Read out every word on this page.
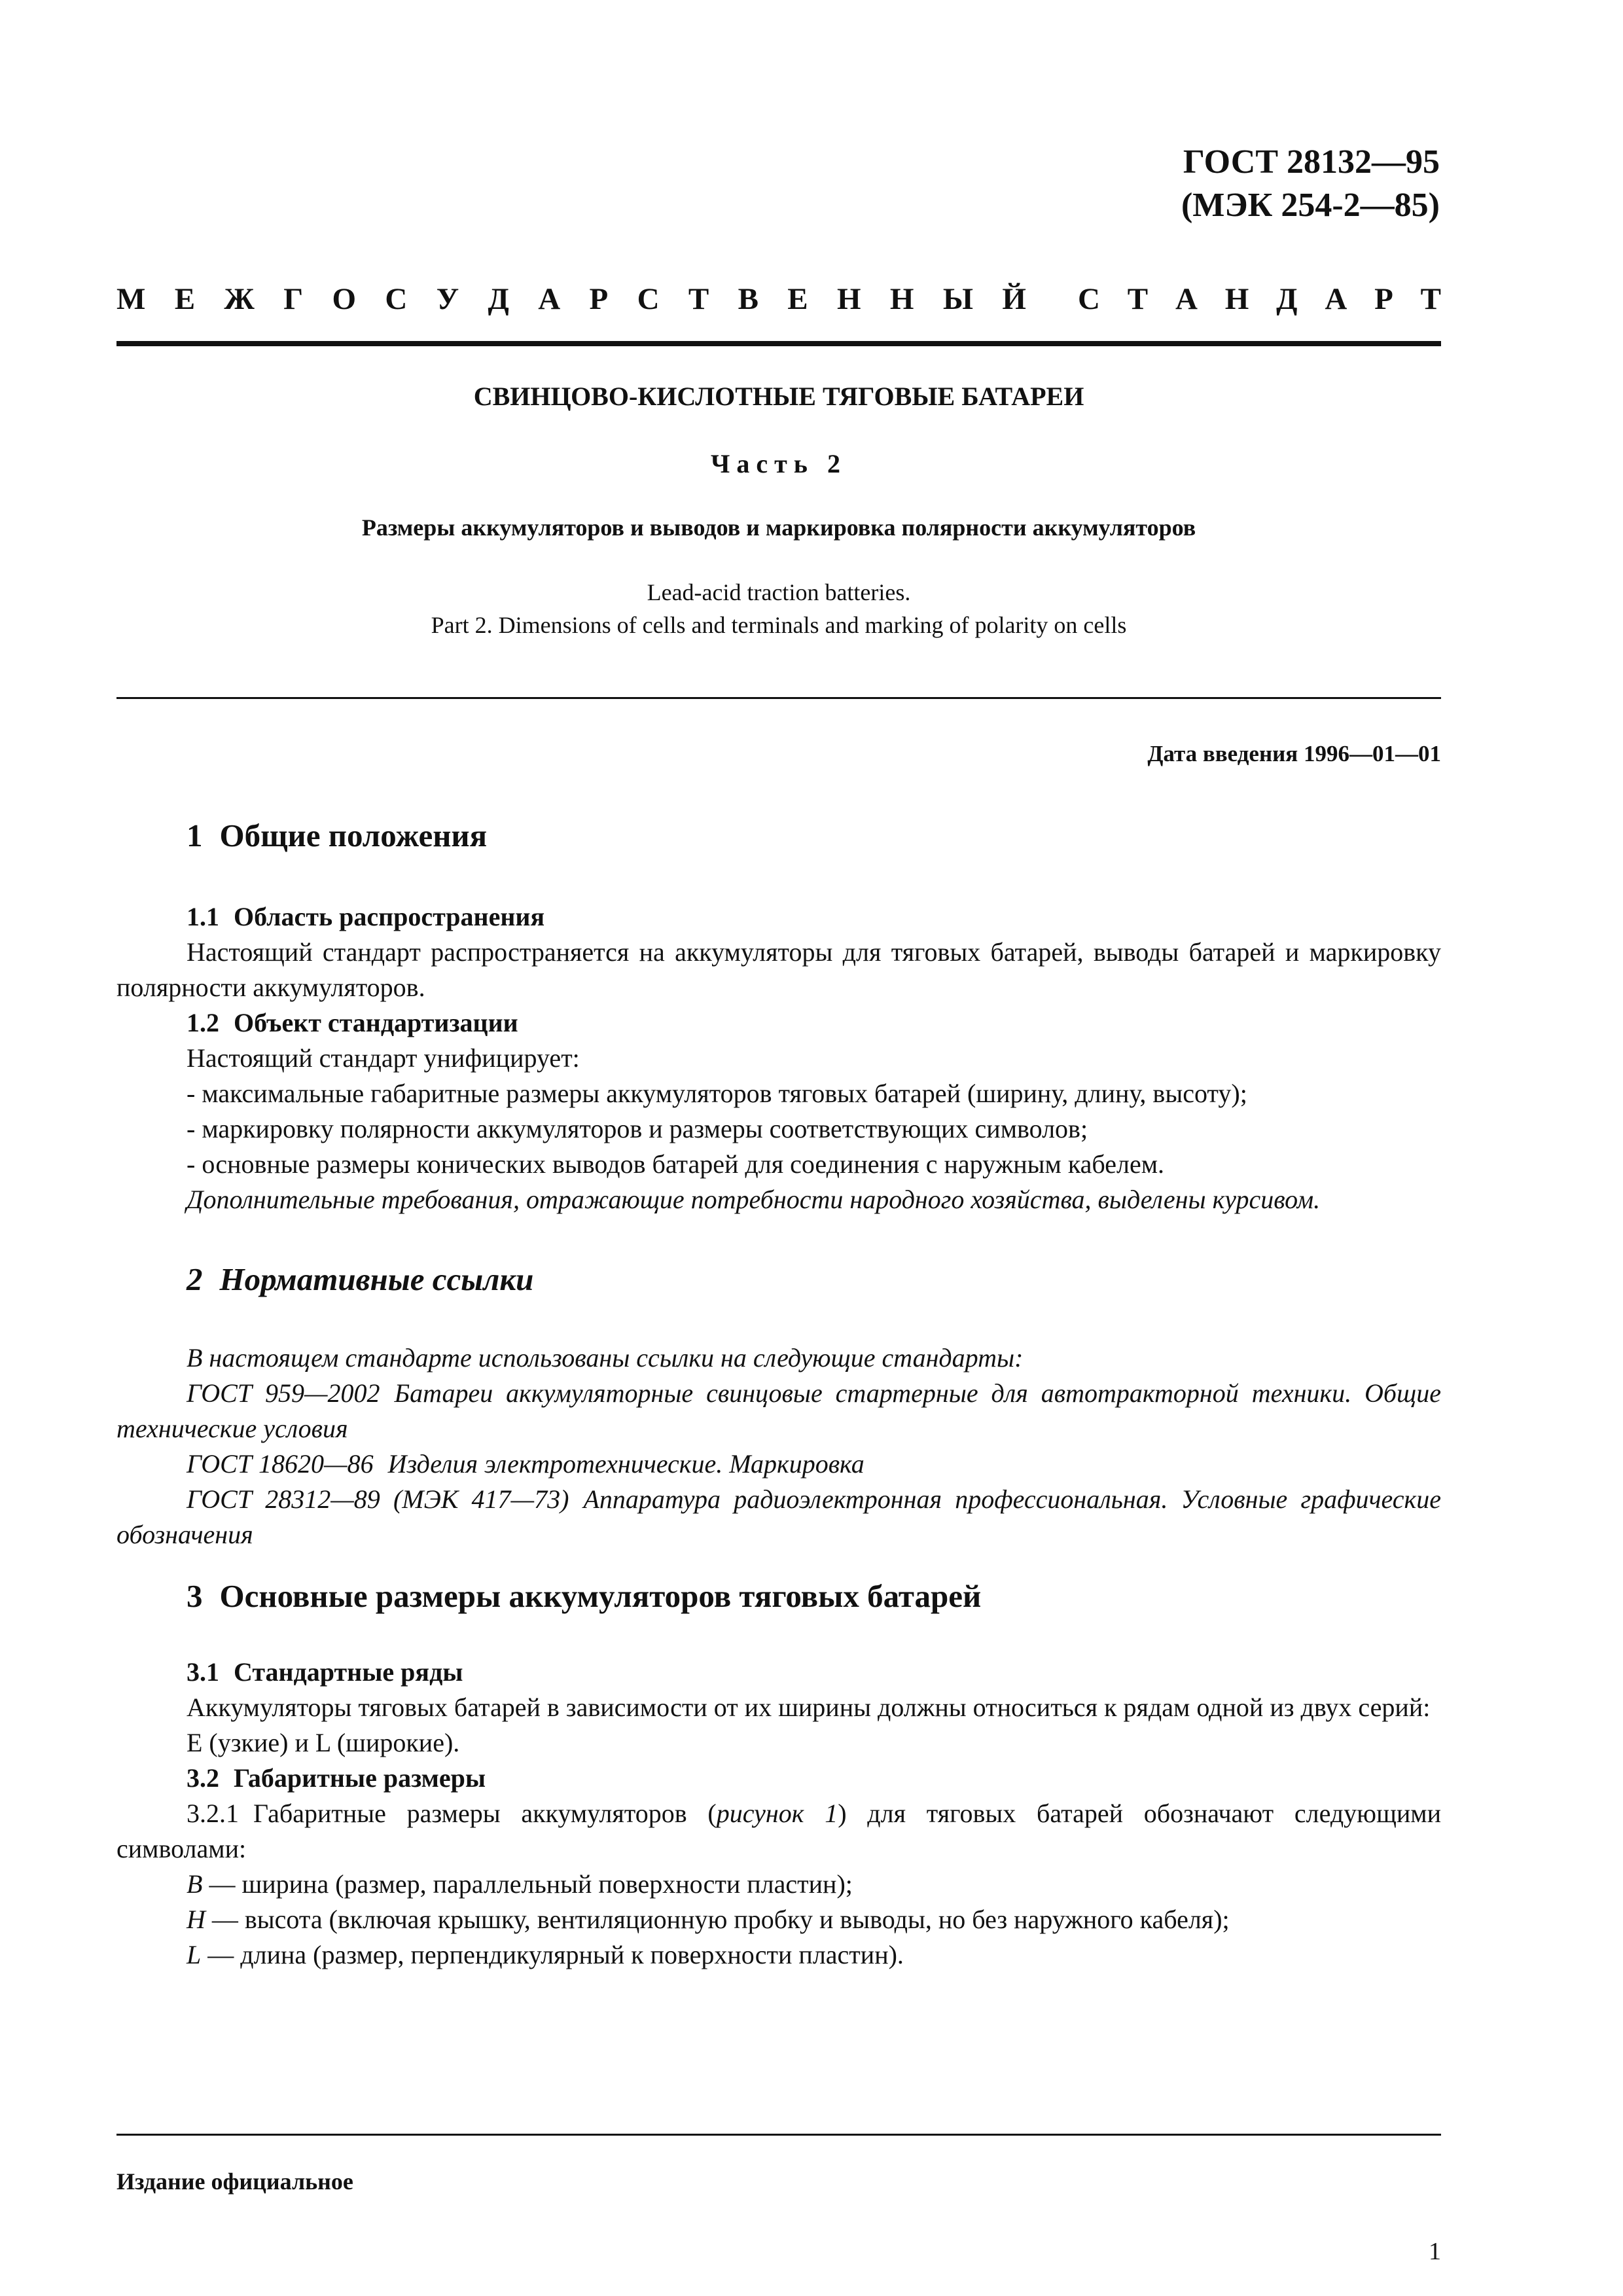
ГОСТ 28132—95
(МЭК 254-2—85)
М Е Ж Г О С У Д А Р С Т В Е Н Н Ы Й С Т А Н Д А Р Т
СВИНЦОВО-КИСЛОТНЫЕ ТЯГОВЫЕ БАТАРЕИ
Часть 2
Размеры аккумуляторов и выводов и маркировка полярности аккумуляторов
Lead-acid traction batteries.
Part 2. Dimensions of cells and terminals and marking of polarity on cells
Дата введения 1996—01—01
1 Общие положения

1.1 Область распространения

Настоящий стандарт распространяется на аккумуляторы для тяговых батарей, выводы батарей и маркировку полярности аккумуляторов.

1.2 Объект стандартизации

Настоящий стандарт унифицирует:

- максимальные габаритные размеры аккумуляторов тяговых батарей (ширину, длину, высоту);

- маркировку полярности аккумуляторов и размеры соответствующих символов;

- основные размеры конических выводов батарей для соединения с наружным кабелем.

Дополнительные требования, отражающие потребности народного хозяйства, выделены курсивом.

2 Нормативные ссылки

В настоящем стандарте использованы ссылки на следующие стандарты:

ГОСТ 959—2002 Батареи аккумуляторные свинцовые стартерные для автотракторной техники. Общие технические условия

ГОСТ 18620—86 Изделия электротехнические. Маркировка

ГОСТ 28312—89 (МЭК 417—73) Аппаратура радиоэлектронная профессиональная. Условные графические обозначения

3 Основные размеры аккумуляторов тяговых батарей

3.1 Стандартные ряды

Аккумуляторы тяговых батарей в зависимости от их ширины должны относиться к рядам одной из двух серий:

E (узкие) и L (широкие).

3.2 Габаритные размеры

3.2.1 Габаритные размеры аккумуляторов (рисунок 1) для тяговых батарей обозначают следующими символами:

B — ширина (размер, параллельный поверхности пластин);

H — высота (включая крышку, вентиляционную пробку и выводы, но без наружного кабеля);

L — длина (размер, перпендикулярный к поверхности пластин).

Издание официальное
1
